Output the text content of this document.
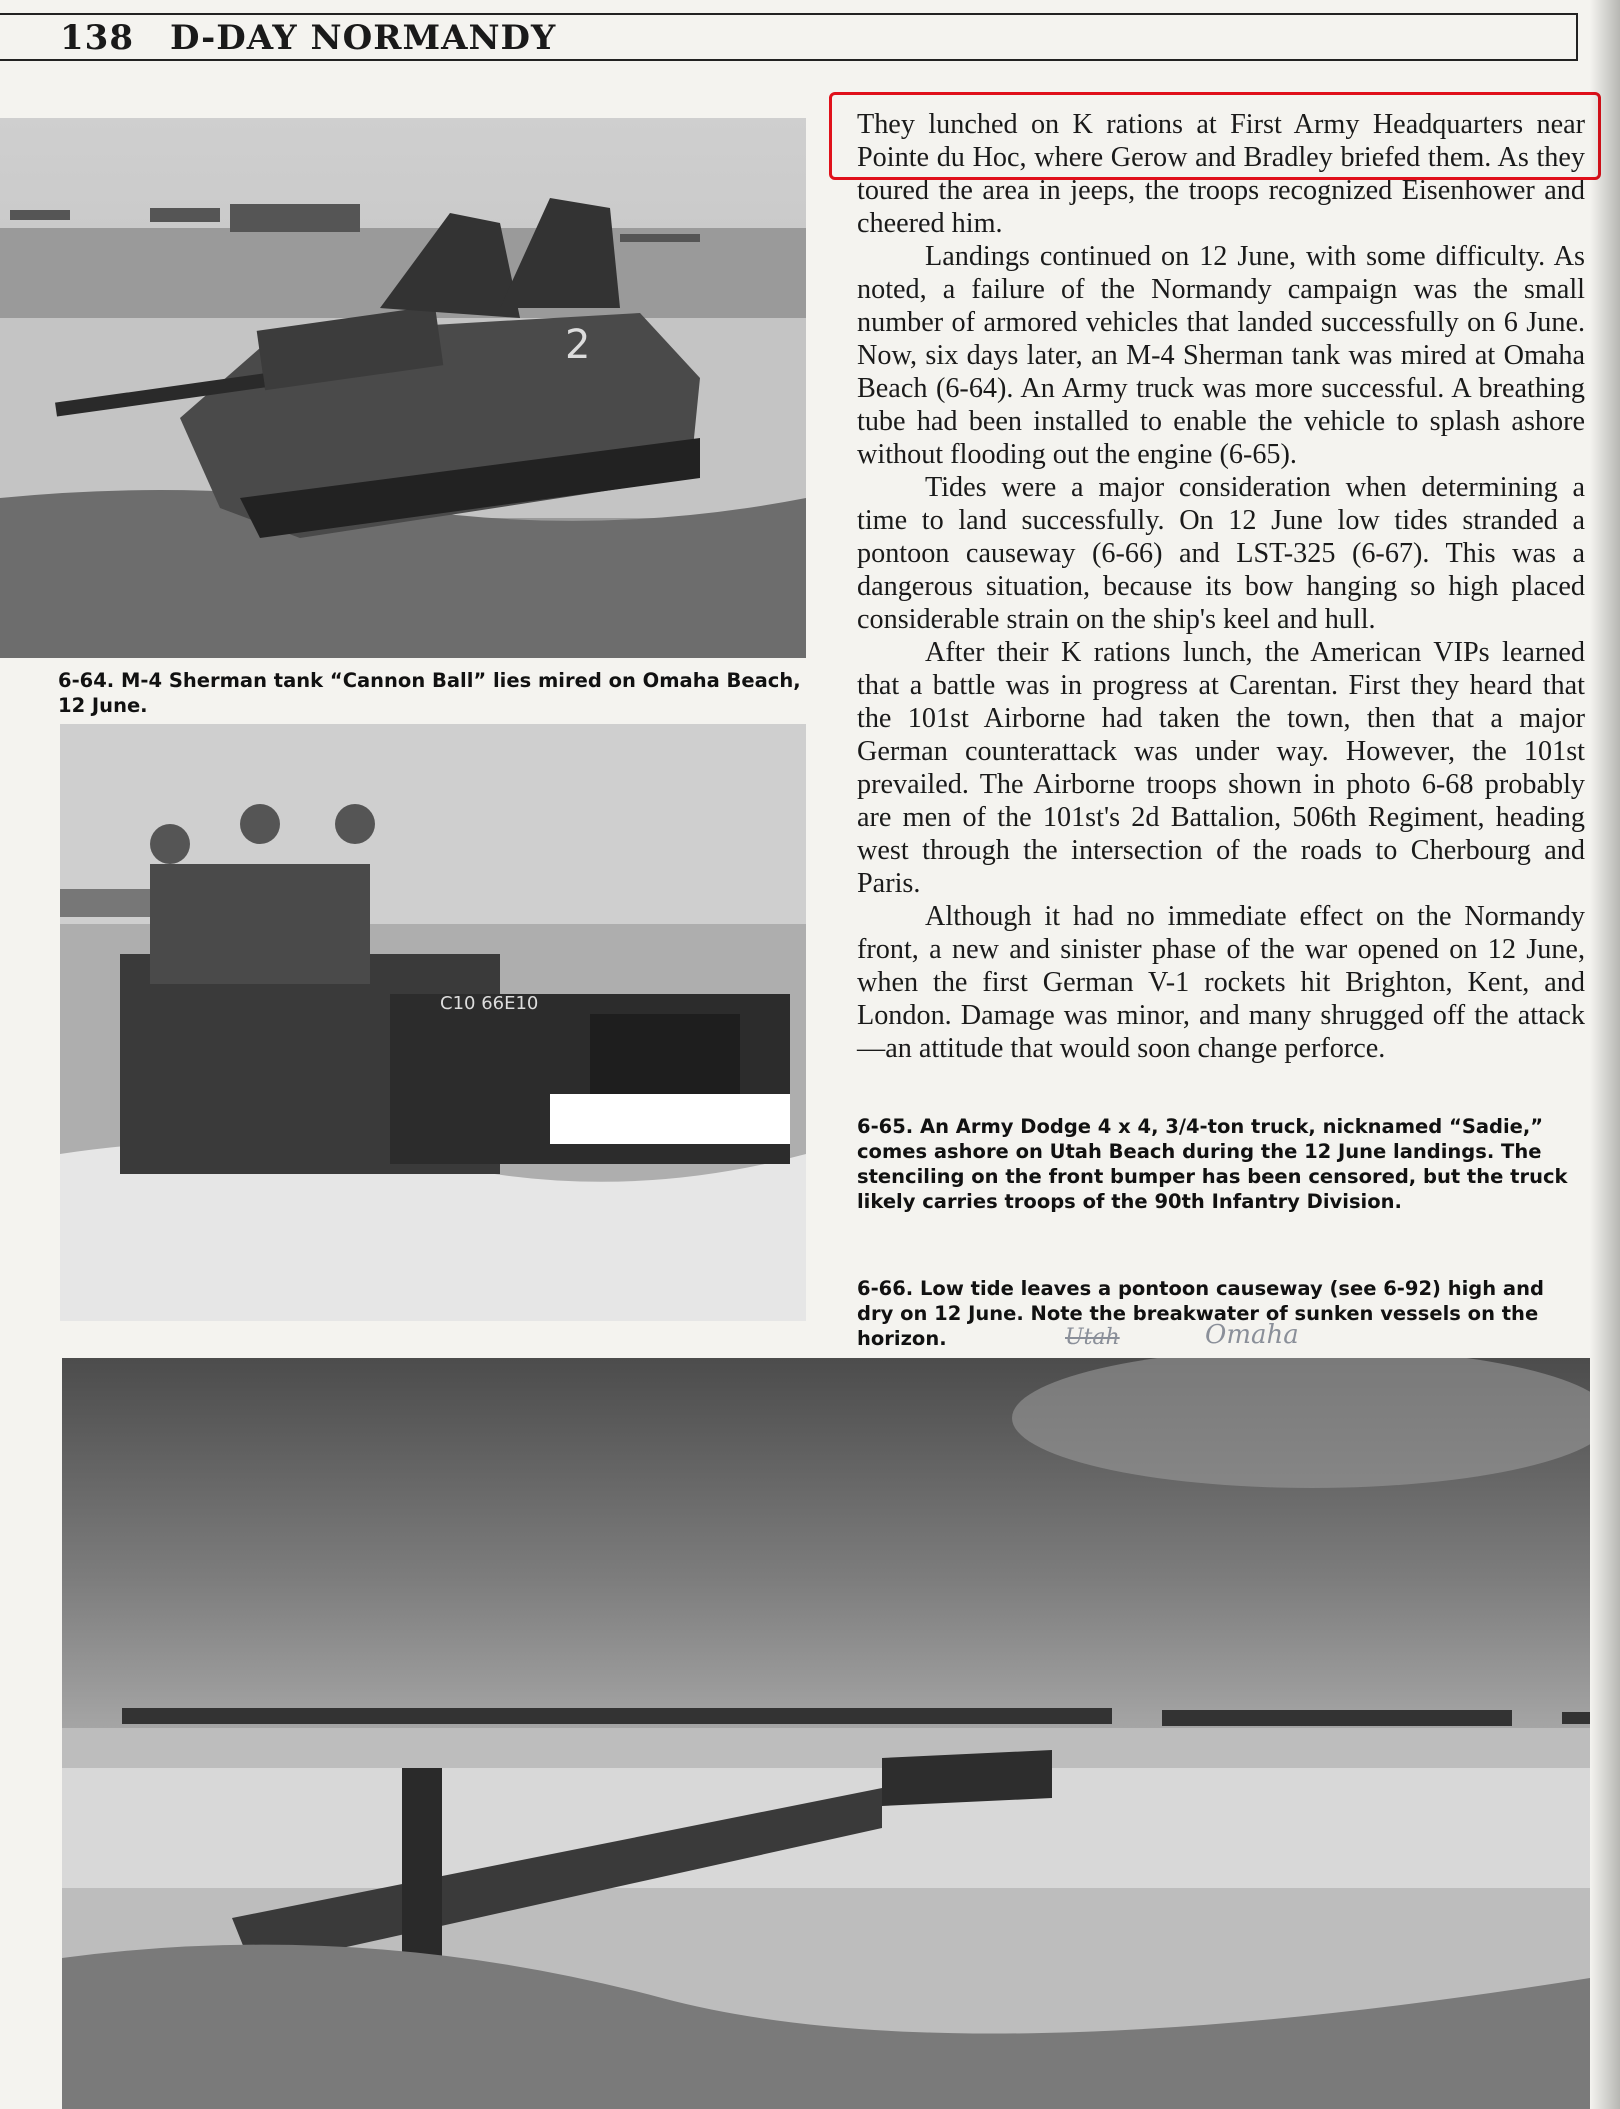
138 D-DAY NORMANDY
2
6-64. M-4 Sherman tank “Cannon Ball” lies mired on Omaha Beach, 12 June.
C10 66E10

They lunched on K rations at First Army Headquarters near Pointe du Hoc, where Gerow and Bradley briefed them. As they toured the area in jeeps, the troops recognized Eisenhower and cheered him.

Landings continued on 12 June, with some difficulty. As noted, a failure of the Normandy campaign was the small number of armored vehicles that landed successfully on 6 June. Now, six days later, an M-4 Sherman tank was mired at Omaha Beach (6-64). An Army truck was more successful. A breathing tube had been installed to enable the vehicle to splash ashore without flooding out the engine (6-65).

Tides were a major consideration when determining a time to land successfully. On 12 June low tides stranded a pontoon causeway (6-66) and LST-325 (6-67). This was a dangerous situation, because its bow hanging so high placed considerable strain on the ship's keel and hull.

After their K rations lunch, the American VIPs learned that a battle was in progress at Carentan. First they heard that the 101st Airborne had taken the town, then that a major German counterattack was under way. However, the 101st prevailed. The Airborne troops shown in photo 6-68 probably are men of the 101st's 2d Battalion, 506th Regiment, heading west through the intersection of the roads to Cherbourg and Paris.

Although it had no immediate effect on the Normandy front, a new and sinister phase of the war opened on 12 June, when the first German V-1 rockets hit Brighton, Kent, and London. Damage was minor, and many shrugged off the attack—an attitude that would soon change perforce.

6-65. An Army Dodge 4 x 4, 3/4-ton truck, nicknamed “Sadie,” comes ashore on Utah Beach during the 12 June landings. The stenciling on the front bumper has been censored, but the truck likely carries troops of the 90th Infantry Division.
6-66. Low tide leaves a pontoon causeway (see 6-92) high and dry on 12 June. Note the breakwater of sunken vessels on the horizon.	Utah	Omaha
